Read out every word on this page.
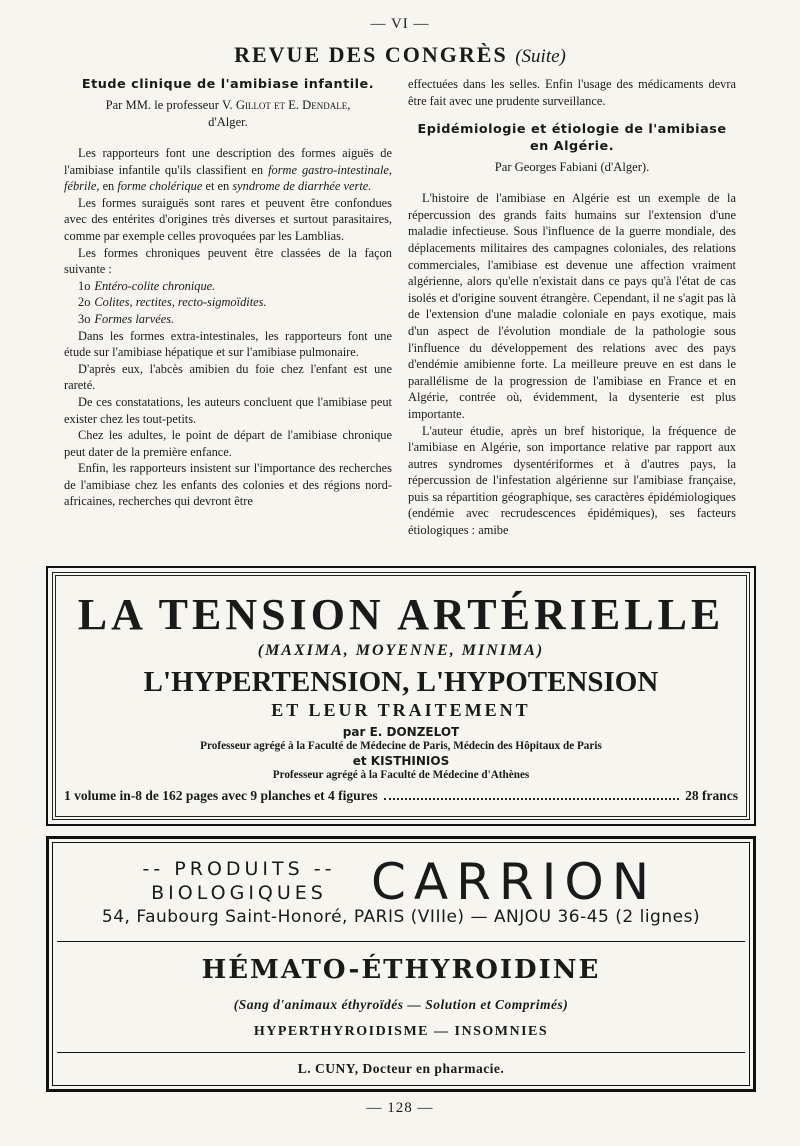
— VI —
REVUE DES CONGRÈS (Suite)
Etude clinique de l'amibiase infantile.
Par MM. le professeur V. Gillot et E. Dendale,
d'Alger.

Les rapporteurs font une description des formes aiguës de l'amibiase infantile qu'ils classifient en forme gastro-intestinale, fébrile, en forme cholérique et en syndrome de diarrhée verte.

Les formes suraiguës sont rares et peuvent être confondues avec des entérites d'origines très diverses et surtout parasitaires, comme par exemple celles provoquées par les Lamblias.

Les formes chroniques peuvent être classées de la façon suivante :

1o Entéro-colite chronique.
2o Colites, rectites, recto-sigmoïdites.
3o Formes larvées.

Dans les formes extra-intestinales, les rapporteurs font une étude sur l'amibiase hépatique et sur l'amibiase pulmonaire.

D'après eux, l'abcès amibien du foie chez l'enfant est une rareté.

De ces constatations, les auteurs concluent que l'amibiase peut exister chez les tout-petits.

Chez les adultes, le point de départ de l'amibiase chronique peut dater de la première enfance.

Enfin, les rapporteurs insistent sur l'importance des recherches de l'amibiase chez les enfants des colonies et des régions nord-africaines, recherches qui devront être

effectuées dans les selles. Enfin l'usage des médicaments devra être fait avec une prudente surveillance.

Epidémiologie et étiologie de l'amibiase en Algérie.
Par Georges Fabiani (d'Alger).

L'histoire de l'amibiase en Algérie est un exemple de la répercussion des grands faits humains sur l'extension d'une maladie infectieuse. Sous l'influence de la guerre mondiale, des déplacements militaires des campagnes coloniales, des relations commerciales, l'amibiase est devenue une affection vraiment algérienne, alors qu'elle n'existait dans ce pays qu'à l'état de cas isolés et d'origine souvent étrangère. Cependant, il ne s'agit pas là de l'extension d'une maladie coloniale en pays exotique, mais d'un aspect de l'évolution mondiale de la pathologie sous l'influence du développement des relations avec des pays d'endémie amibienne forte. La meilleure preuve en est dans le parallélisme de la progression de l'amibiase en France et en Algérie, contrée où, évidemment, la dysenterie est plus importante.

L'auteur étudie, après un bref historique, la fréquence de l'amibiase en Algérie, son importance relative par rapport aux autres syndromes dysentériformes et à d'autres pays, la répercussion de l'infestation algérienne sur l'amibiase française, puis sa répartition géographique, ses caractères épidémiologiques (endémie avec recrudescences épidémiques), ses facteurs étiologiques : amibe

LA TENSION ARTÉRIELLE
(MAXIMA, MOYENNE, MINIMA)
L'HYPERTENSION, L'HYPOTENSION
ET LEUR TRAITEMENT
par E. DONZELOT
Professeur agrégé à la Faculté de Médecine de Paris, Médecin des Hôpitaux de Paris
et KISTHINIOS
Professeur agrégé à la Faculté de Médecine d'Athènes
1 volume in-8 de 162 pages avec 9 planches et 4 figures	28 francs
-- PRODUITS --
BIOLOGIQUES CARRION
54, Faubourg Saint-Honoré, PARIS (VIIIe) — ANJOU 36-45 (2 lignes)
HÉMATO-ÉTHYROIDINE
(Sang d'animaux éthyroïdés — Solution et Comprimés)
HYPERTHYROIDISME — INSOMNIES
L. CUNY, Docteur en pharmacie.
— 128 —
